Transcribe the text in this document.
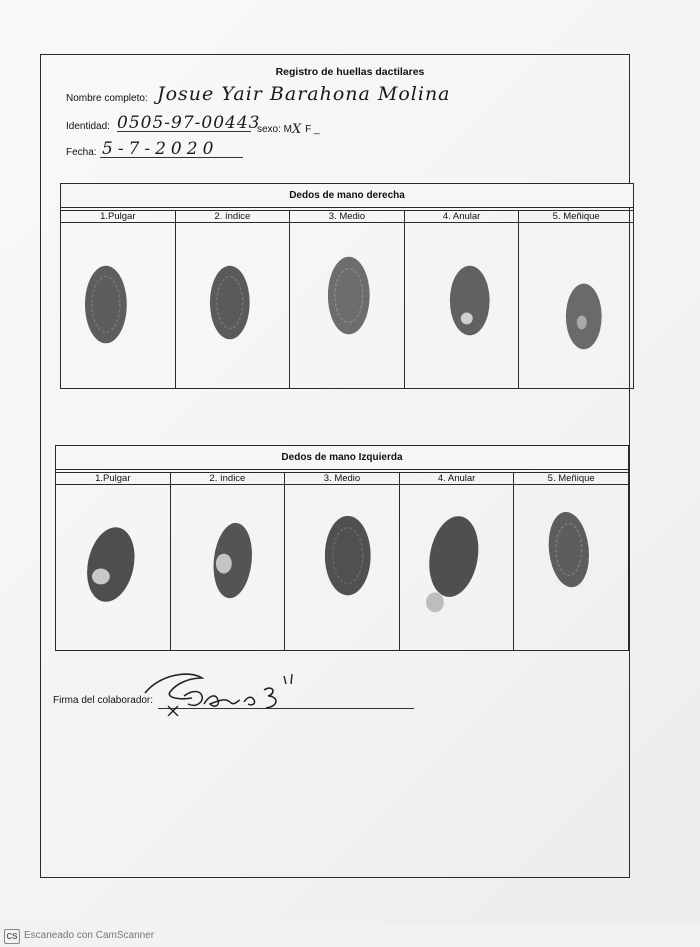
Registro de huellas dactilares
Nombre completo: Josue Yair Barahona Molina
Identidad: 0505-97-00443
sexo: MX F _
Fecha: 5-7-2020
Dedos de mano derecha				

1.Pulgar	2. índice	3. Medio	4. Anular	5. Meñique

Dedos de mano Izquierda				

1.Pulgar	2. índice	3. Medio	4. Anular	5. Meñique

Firma del colaborador:
CS Escaneado con CamScanner
